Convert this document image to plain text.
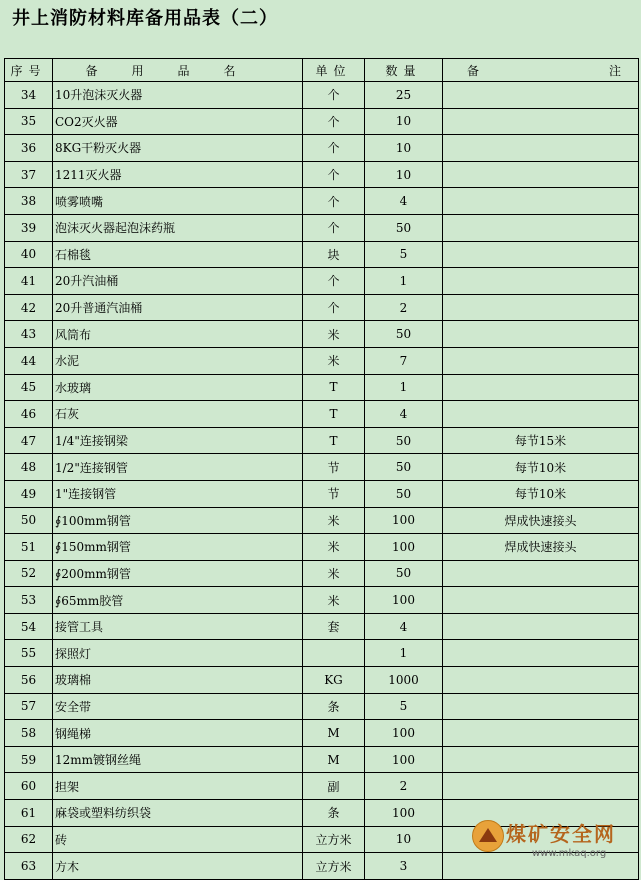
井上消防材料库备用品表（二）
序号	备用品名	单位	数量	备 注
34	10升泡沫灭火器	个	25	
35	CO2灭火器	个	10	
36	8KG干粉灭火器	个	10	
37	1211灭火器	个	10	
38	喷雾喷嘴	个	4	
39	泡沫灭火器起泡沫药瓶	个	50	
40	石棉毯	块	5	
41	20升汽油桶	个	1	
42	20升普通汽油桶	个	2	
43	风筒布	米	50	
44	水泥	米	7	
45	水玻璃	T	1	
46	石灰	T	4	
47	1/4"连接钢梁	T	50	每节15米
48	1/2"连接钢管	节	50	每节10米
49	1"连接钢管	节	50	每节10米
50	∮100mm钢管	米	100	焊成快速接头
51	∮150mm钢管	米	100	焊成快速接头
52	∮200mm钢管	米	50	
53	∮65mm胶管	米	100	
54	接管工具	套	4	
55	探照灯		1	
56	玻璃棉	KG	1000	
57	安全带	条	5	
58	钢绳梯	M	100	
59	12mm镀钢丝绳	M	100	
60	担架	副	2	
61	麻袋或塑料纺织袋	条	100	
62	砖	立方米	10	
63	方木	立方米	3	
煤矿安全网
www.mkaq.org
